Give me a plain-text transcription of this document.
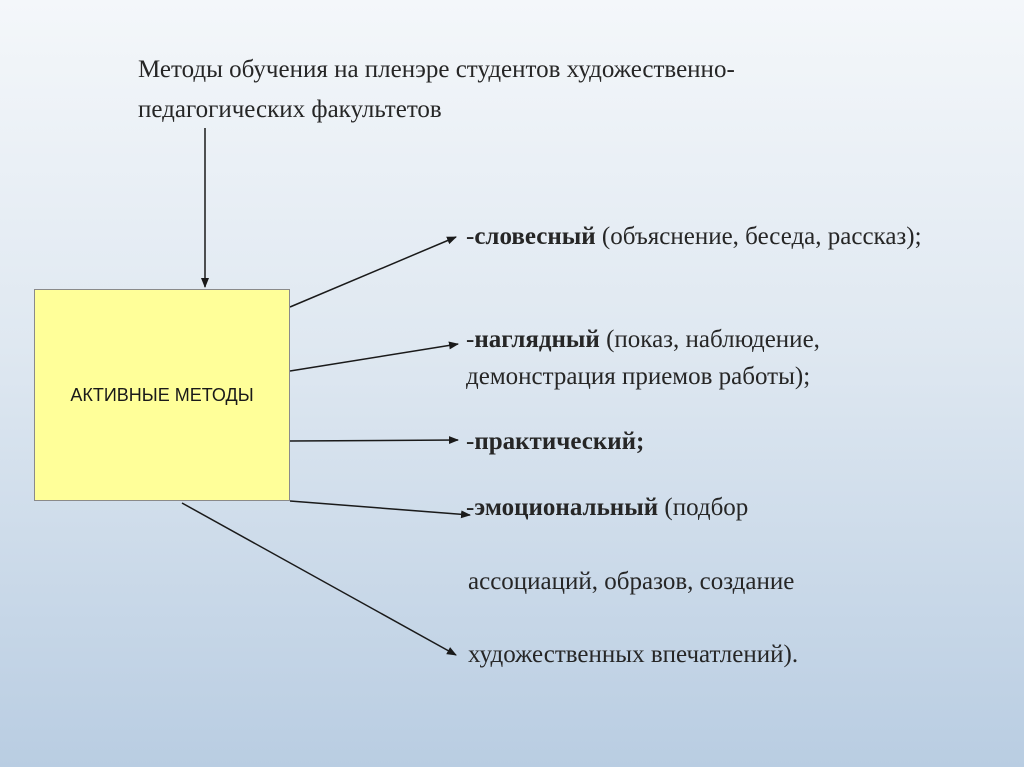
Методы обучения на пленэре студентов художественно-педагогических факультетов
АКТИВНЫЕ МЕТОДЫ
-словесный (объяснение, беседа, рассказ);
-наглядный (показ, наблюдение, демонстрация приемов работы);
-практический;
-эмоциональный (подбор
ассоциаций, образов, создание
художественных впечатлений).
